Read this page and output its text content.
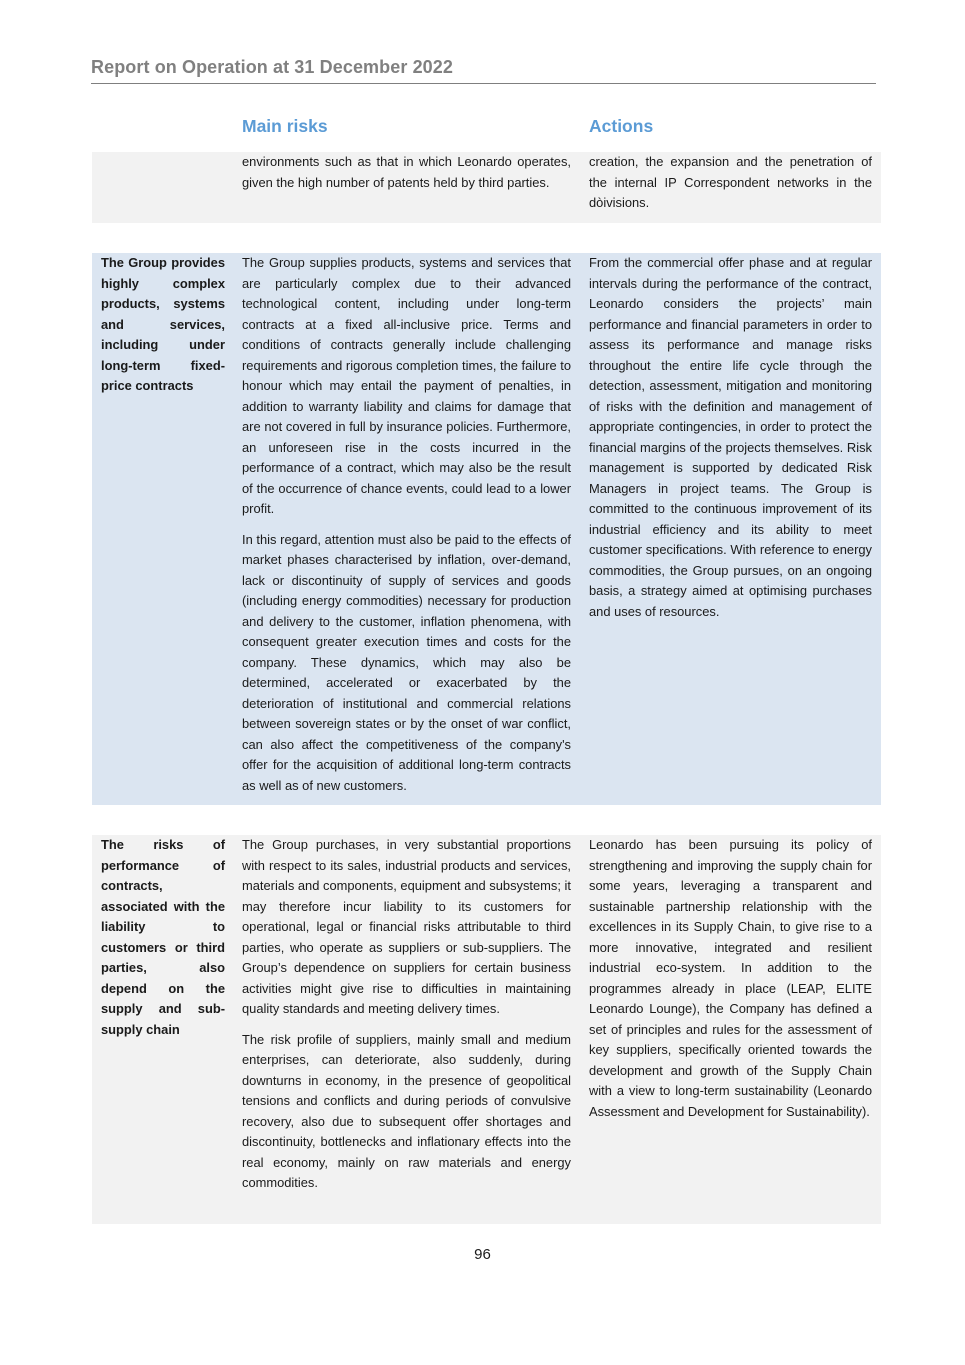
Report on Operation at 31 December 2022
Main risks	Actions

environments such as that in which Leonardo operates, given the high number of patents held by third parties.

creation, the expansion and the penetration of the internal IP Correspondent networks in the dòivisions.

The Group provides highly complex products, systems and services, including under long-term fixed-price contracts

The Group supplies products, systems and services that are particularly complex due to their advanced technological content, including under long-term contracts at a fixed all-inclusive price. Terms and conditions of contracts generally include challenging requirements and rigorous completion times, the failure to honour which may entail the payment of penalties, in addition to warranty liability and claims for damage that are not covered in full by insurance policies. Furthermore, an unforeseen rise in the costs incurred in the performance of a contract, which may also be the result of the occurrence of chance events, could lead to a lower profit.

In this regard, attention must also be paid to the effects of market phases characterised by inflation, over-demand, lack or discontinuity of supply of services and goods (including energy commodities) necessary for production and delivery to the customer, inflation phenomena, with consequent greater execution times and costs for the company. These dynamics, which may also be determined, accelerated or exacerbated by the deterioration of institutional and commercial relations between sovereign states or by the onset of war conflict, can also affect the competitiveness of the company's offer for the acquisition of additional long-term contracts as well as of new customers.

From the commercial offer phase and at regular intervals during the performance of the contract, Leonardo considers the projects’ main performance and financial parameters in order to assess its performance and manage risks throughout the entire life cycle through the detection, assessment, mitigation and monitoring of risks with the definition and management of appropriate contingencies, in order to protect the financial margins of the projects themselves. Risk management is supported by dedicated Risk Managers in project teams. The Group is committed to the continuous improvement of its industrial efficiency and its ability to meet customer specifications. With reference to energy commodities, the Group pursues, on an ongoing basis, a strategy aimed at optimising purchases and uses of resources.

The risks of performance of contracts, associated with the liability to customers or third parties, also depend on the supply and sub-supply chain

The Group purchases, in very substantial proportions with respect to its sales, industrial products and services, materials and components, equipment and subsystems; it may therefore incur liability to its customers for operational, legal or financial risks attributable to third parties, who operate as suppliers or sub-suppliers. The Group’s dependence on suppliers for certain business activities might give rise to difficulties in maintaining quality standards and meeting delivery times.

The risk profile of suppliers, mainly small and medium enterprises, can deteriorate, also suddenly, during downturns in economy, in the presence of geopolitical tensions and conflicts and during periods of convulsive recovery, also due to subsequent offer shortages and discontinuity, bottlenecks and inflationary effects into the real economy, mainly on raw materials and energy commodities.

Leonardo has been pursuing its policy of strengthening and improving the supply chain for some years, leveraging a transparent and sustainable partnership relationship with the excellences in its Supply Chain, to give rise to a more innovative, integrated and resilient industrial eco-system. In addition to the programmes already in place (LEAP, ELITE Leonardo Lounge), the Company has defined a set of principles and rules for the assessment of key suppliers, specifically oriented towards the development and growth of the Supply Chain with a view to long-term sustainability (Leonardo Assessment and Development for Sustainability).

96
